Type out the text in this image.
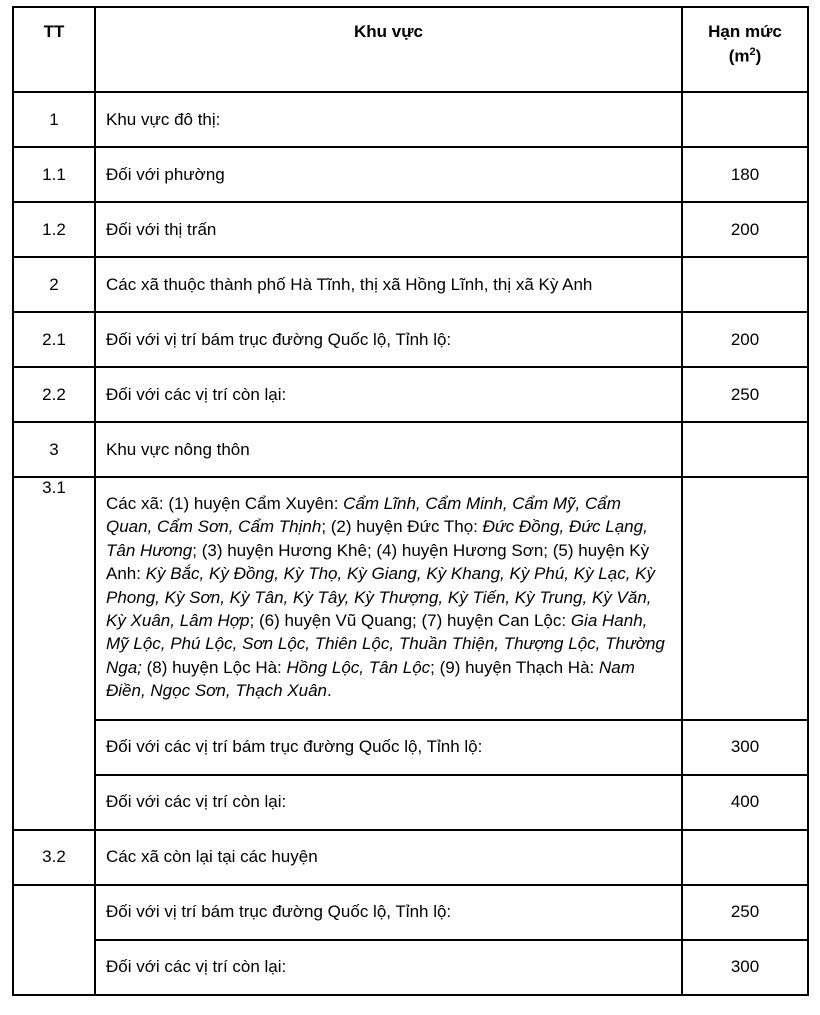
TT	Khu vực	Hạn mức
$(m^2)$

1	Khu vực đô thị:	
1.1	Đối với phường	180
1.2	Đối với thị trấn	200
2	Các xã thuộc thành phố Hà Tĩnh, thị xã Hồng Lĩnh, thị xã Kỳ Anh	
2.1	Đối với vị trí bám trục đường Quốc lộ, Tỉnh lộ:	200
2.2	Đối với các vị trí còn lại:	250
3	Khu vực nông thôn	
3.1	Các xã: (1) huyện Cẩm Xuyên: Cẩm Lĩnh, Cẩm Minh, Cẩm Mỹ, Cẩm Quan, Cẩm Sơn, Cẩm Thịnh; (2) huyện Đức Thọ: Đức Đồng, Đức Lạng, Tân Hương; (3) huyện Hương Khê; (4) huyện Hương Sơn; (5) huyện Kỳ Anh: Kỳ Bắc, Kỳ Đồng, Kỳ Thọ, Kỳ Giang, Kỳ Khang, Kỳ Phú, Kỳ Lạc, Kỳ Phong, Kỳ Sơn, Kỳ Tân, Kỳ Tây, Kỳ Thượng, Kỳ Tiến, Kỳ Trung, Kỳ Văn, Kỳ Xuân, Lâm Hợp; (6) huyện Vũ Quang; (7) huyện Can Lộc: Gia Hanh, Mỹ Lộc, Phú Lộc, Sơn Lộc, Thiên Lộc, Thuần Thiện, Thượng Lộc, Thường Nga; (8) huyện Lộc Hà: Hồng Lộc, Tân Lộc; (9) huyện Thạch Hà: Nam Điền, Ngọc Sơn, Thạch Xuân.	
	Đối với các vị trí bám trục đường Quốc lộ, Tỉnh lộ:	300
	Đối với các vị trí còn lại:	400
3.2	Các xã còn lại tại các huyện	
	Đối với vị trí bám trục đường Quốc lộ, Tỉnh lộ:	250
	Đối với các vị trí còn lại:	300
